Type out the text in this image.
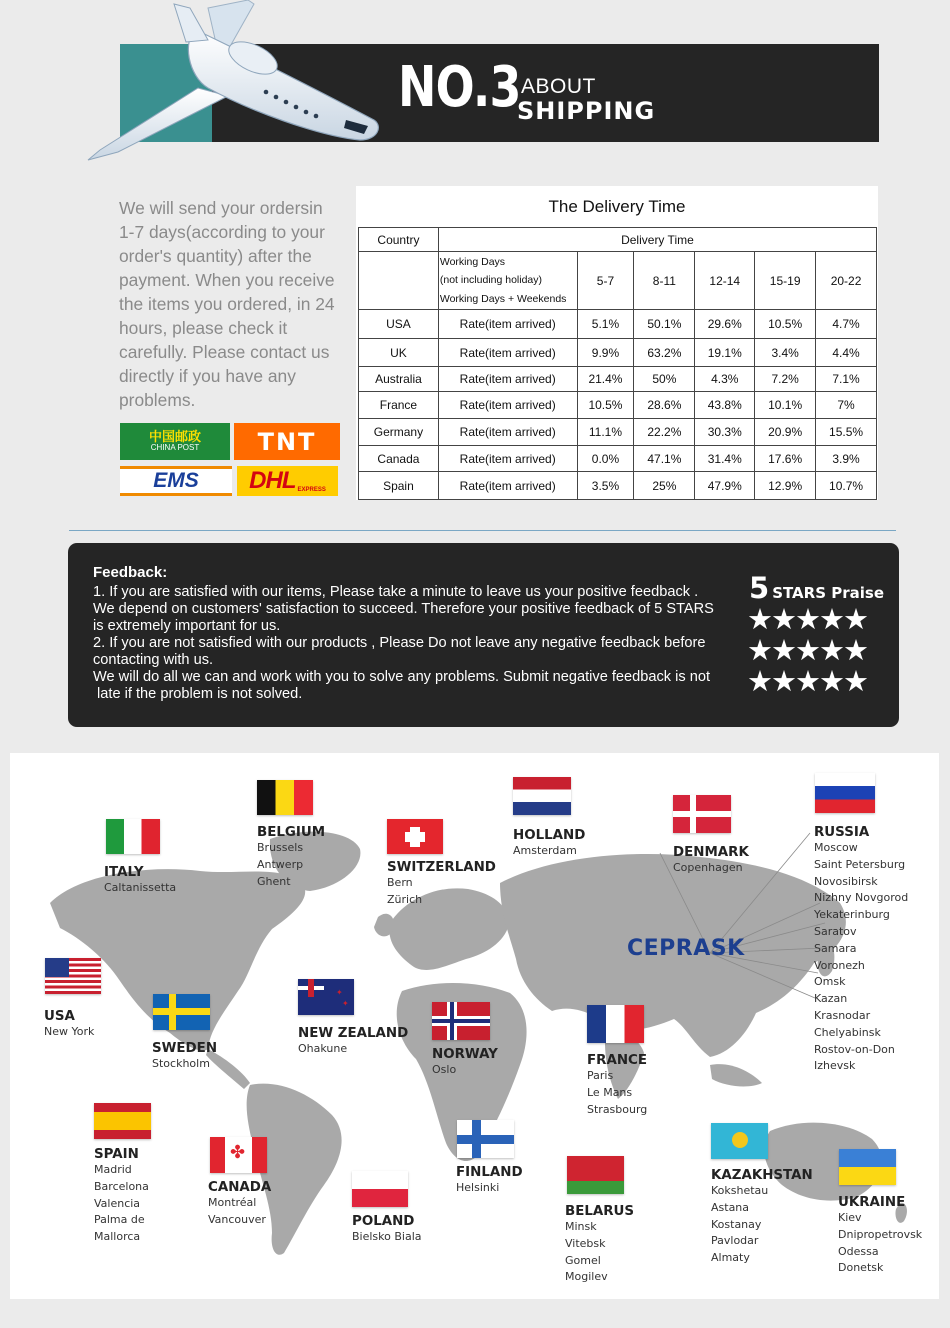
NO.3 ABOUT
SHIPPING
We will send your ordersin 1-7 days(according to your order's quantity) after the payment. When you receive the items you ordered, in 24 hours, please check it carefully. Please contact us directly if you have any problems.
中国邮政
CHINA POST	TNT
EMS	DHL EXPRESS
The Delivery Time
Country	Delivery Time					

	Working Days
(not including holiday)
Working Days + Weekends	5-7	8-11	12-14	15-19	20-22
USA	Rate(item arrived)	5.1%	50.1%	29.6%	10.5%	4.7%
UK	Rate(item arrived)	9.9%	63.2%	19.1%	3.4%	4.4%
Australia	Rate(item arrived)	21.4%	50%	4.3%	7.2%	7.1%
France	Rate(item arrived)	10.5%	28.6%	43.8%	10.1%	7%
Germany	Rate(item arrived)	11.1%	22.2%	30.3%	20.9%	15.5%
Canada	Rate(item arrived)	0.0%	47.1%	31.4%	17.6%	3.9%
Spain	Rate(item arrived)	3.5%	25%	47.9%	12.9%	10.7%
Feedback:
1. If you are satisfied with our items, Please take a minute to leave us your positive feedback .
We depend on customers' satisfaction to succeed. Therefore your positive feedback of 5 STARS
is extremely important for us.
2. If you are not satisfied with our products , Please Do not leave any negative feedback before
contacting with us.
We will do all we can and work with you to solve any problems. Submit negative feedback is not
late if the problem is not solved.
5 STARS Praise
★★★★★
★★★★★
★★★★★
CEPRASK
ITALY
Caltanissetta
BELGIUM
Brussels
Antwerp
Ghent
SWITZERLAND
Bern
Zürich
HOLLAND
Amsterdam	DENMARK
Copenhagen
RUSSIA
Moscow
Saint Petersburg
Novosibirsk
Nizhny Novgorod
Yekaterinburg
Saratov
Samara
Voronezh
Omsk
Kazan
Krasnodar
Chelyabinsk
Rostov-on-Don
Izhevsk
USA
New York
SWEDEN
Stockholm
✦
✦
NEW ZEALAND
Ohakune	NORWAY
Oslo
FRANCE
Paris
Le Mans
Strasbourg
SPAIN
Madrid
Barcelona
Valencia
Palma de
Mallorca
✤
CANADA
Montréal
Vancouver	POLAND
Bielsko Biala
FINLAND
Helsinki
BELARUS
Minsk
Vitebsk
Gomel
Mogilev
KAZAKHSTAN
Kokshetau
Astana
Kostanay
Pavlodar
Almaty
UKRAINE
Kiev
Dnipropetrovsk
Odessa
Donetsk
